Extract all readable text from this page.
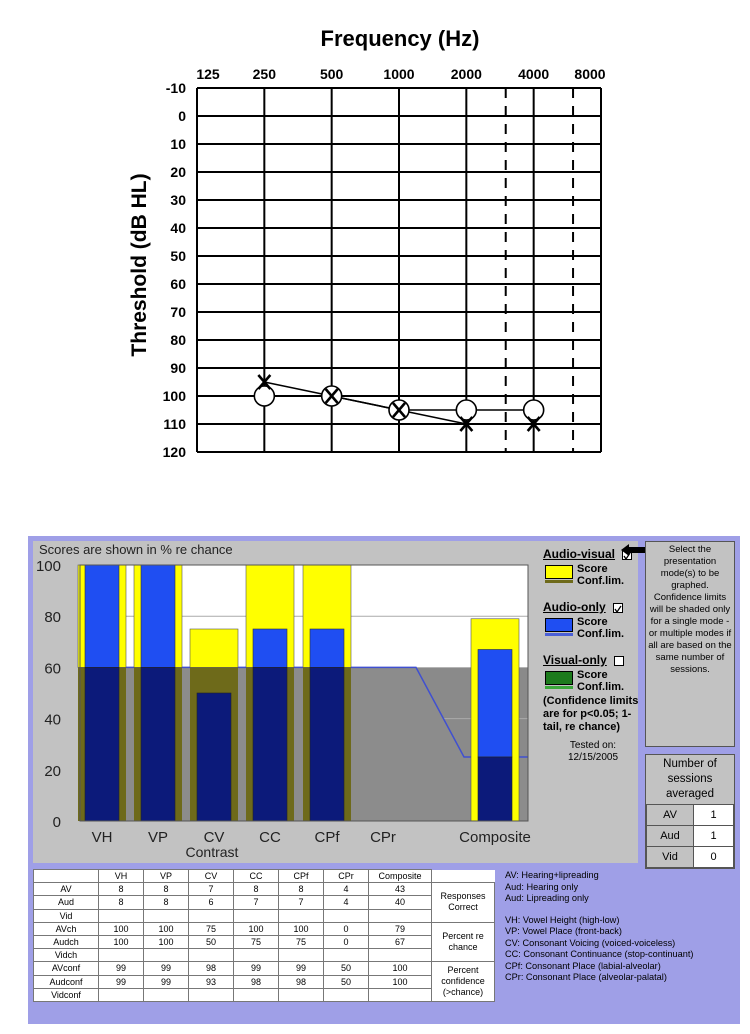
Frequency (Hz)
Threshold (dB HL)
125 250	500	1000	2000	4000 8000
-10
0
10
20
30
40
50
60
70
80
90
100
110
120
Scores are shown in % re chance
0
20
40
60
80
100
VH VP CV CC CPf CPr	Composite
Contrast
Audio-visual
Score
Conf.lim.
Audio-only
Score
Conf.lim.
Visual-only
Score
Conf.lim.
(Confidence limits are for p<0.05; 1-tail, re chance)
Tested on:
12/15/2005
Select the presentation mode(s) to be graphed. Confidence limits will be shaded only for a single mode - or multiple modes if all are based on the same number of sessions.
Number of sessions averaged
AV	1
Aud	1
Vid	0
	VH	VP	CV	CC	CPf	CPr	Composite	
AV	8	8	7	8	8	4	43	Responses Correct
Aud	8	8	6	7	7	4	40	
Vid								
AVch	100	100	75	100	100	0	79	Percent re chance
Audch	100	100	50	75	75	0	67	
Vidch								
AVconf	99	99	98	99	99	50	100	Percent confidence (>chance)
Audconf	99	99	93	98	98	50	100	
Vidconf								
AV: Hearing+lipreading
Aud: Hearing only
Aud: Lipreading only
VH: Vowel Height (high-low)
VP: Vowel Place (front-back)
CV: Consonant Voicing (voiced-voiceless)
CC: Consonant Continuance (stop-continuant)
CPf: Consonant Place (labial-alveolar)
CPr: Consonant Place (alveolar-palatal)
